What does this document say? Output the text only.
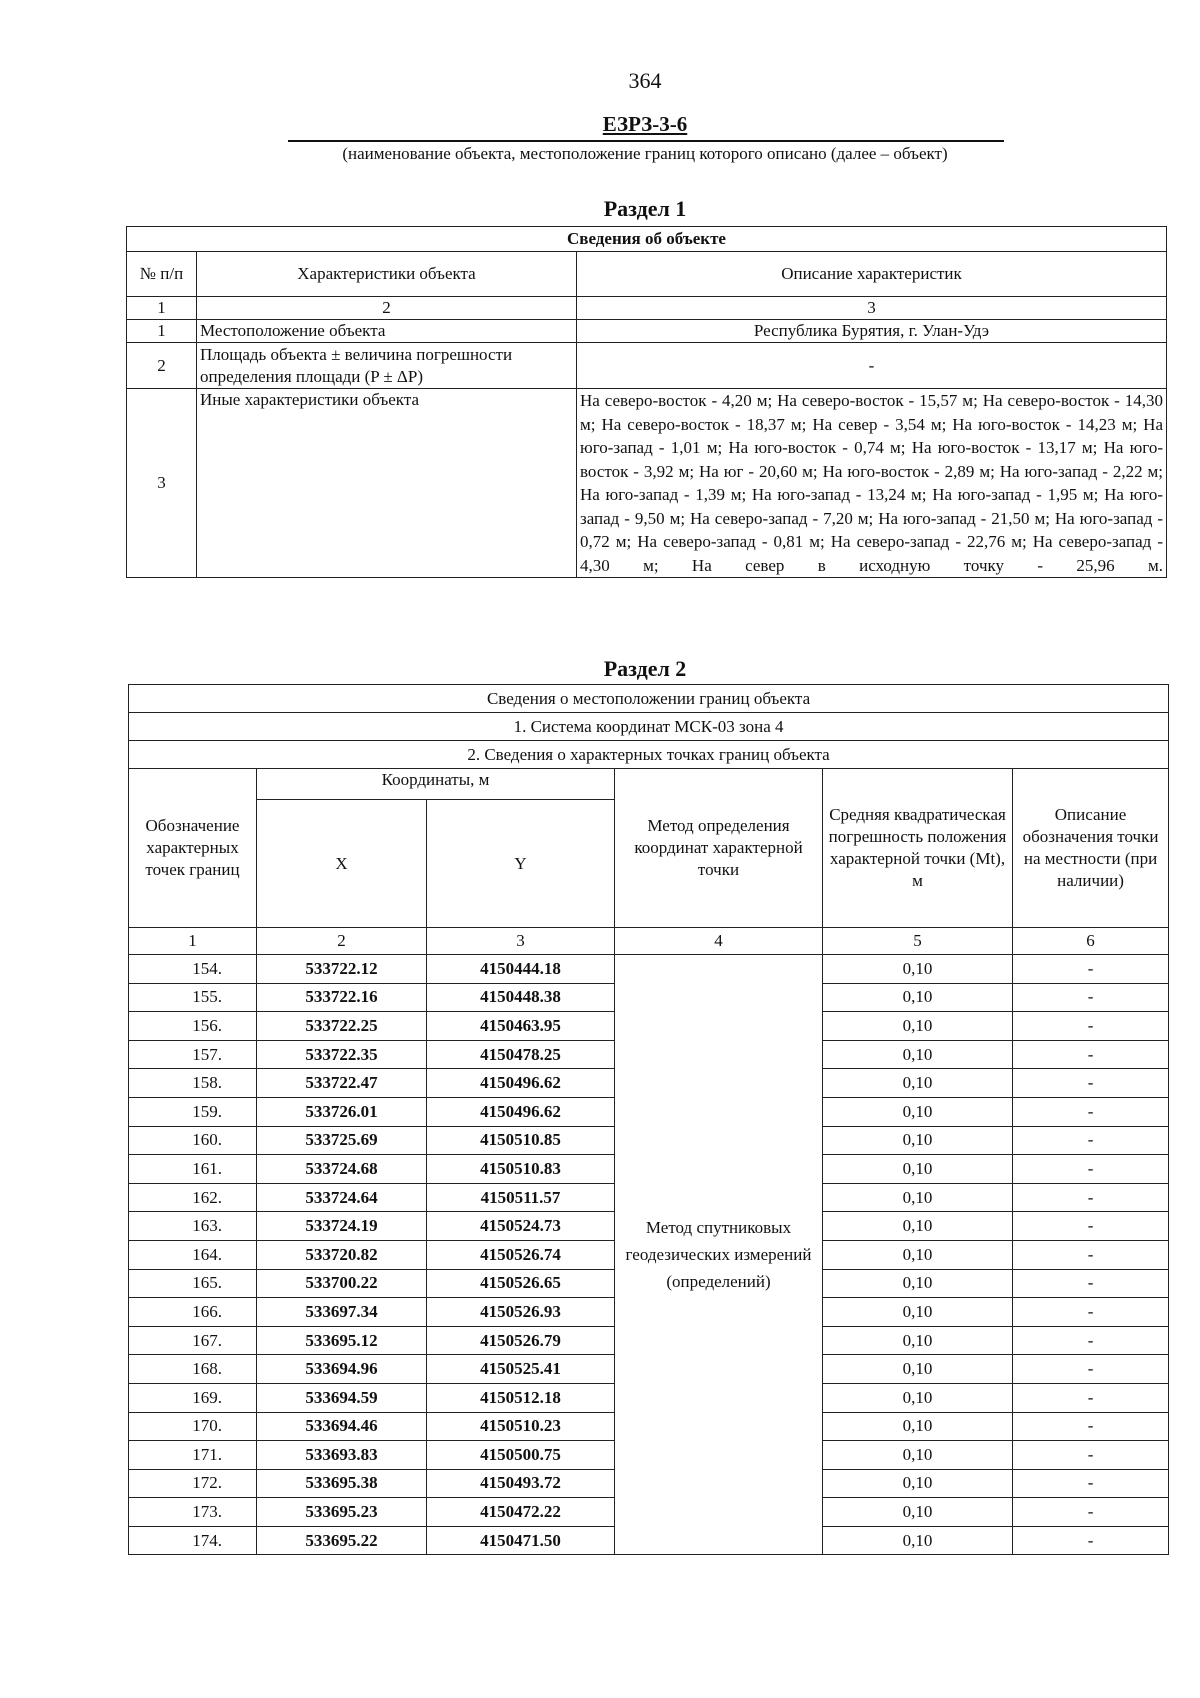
364
ЕЗРЗ-3-6
(наименование объекта, местоположение границ которого описано (далее – объект)
Раздел 1
Сведения об объекте		
№ п/п	Характеристики объекта	Описание характеристик
1	2	3
1	Местоположение объекта	Республика Бурятия, г. Улан-Удэ
2	Площадь объекта ± величина погрешности определения площади (P ± ΔP)	-
3	Иные характеристики объекта	На северо-восток - 4,20 м; На северо-восток - 15,57 м; На северо-восток - 14,30 м; На северо-восток - 18,37 м; На север - 3,54 м; На юго-восток - 14,23 м; На юго-запад - 1,01 м; На юго-восток - 0,74 м; На юго-восток - 13,17 м; На юго-восток - 3,92 м; На юг - 20,60 м; На юго-восток - 2,89 м; На юго-запад - 2,22 м; На юго-запад - 1,39 м; На юго-запад - 13,24 м; На юго-запад - 1,95 м; На юго-запад - 9,50 м; На северо-запад - 7,20 м; На юго-запад - 21,50 м; На юго-запад - 0,72 м; На северо-запад - 0,81 м; На северо-запад - 22,76 м; На северо-запад - 4,30 м; На север в исходную точку - 25,96 м.
Раздел 2
Сведения о местоположении границ объекта					
1. Система координат МСК-03 зона 4					
2. Сведения о характерных точках границ объекта					
Обозначение характерных точек границ	Координаты, м		Метод определения координат характерной точки	Средняя квадратическая погрешность положения характерной точки (Mt), м	Описание обозначения точки на местности (при наличии)
	X	Y			
1	2	3	4	5	6
154.	533722.12	4150444.18	Метод спутниковых геодезических измерений (определений)	0,10	-
155.	533722.16	4150448.38		0,10	-
156.	533722.25	4150463.95		0,10	-
157.	533722.35	4150478.25		0,10	-
158.	533722.47	4150496.62		0,10	-
159.	533726.01	4150496.62		0,10	-
160.	533725.69	4150510.85		0,10	-
161.	533724.68	4150510.83		0,10	-
162.	533724.64	4150511.57		0,10	-
163.	533724.19	4150524.73		0,10	-
164.	533720.82	4150526.74		0,10	-
165.	533700.22	4150526.65		0,10	-
166.	533697.34	4150526.93		0,10	-
167.	533695.12	4150526.79		0,10	-
168.	533694.96	4150525.41		0,10	-
169.	533694.59	4150512.18		0,10	-
170.	533694.46	4150510.23		0,10	-
171.	533693.83	4150500.75		0,10	-
172.	533695.38	4150493.72		0,10	-
173.	533695.23	4150472.22		0,10	-
174.	533695.22	4150471.50		0,10	-
